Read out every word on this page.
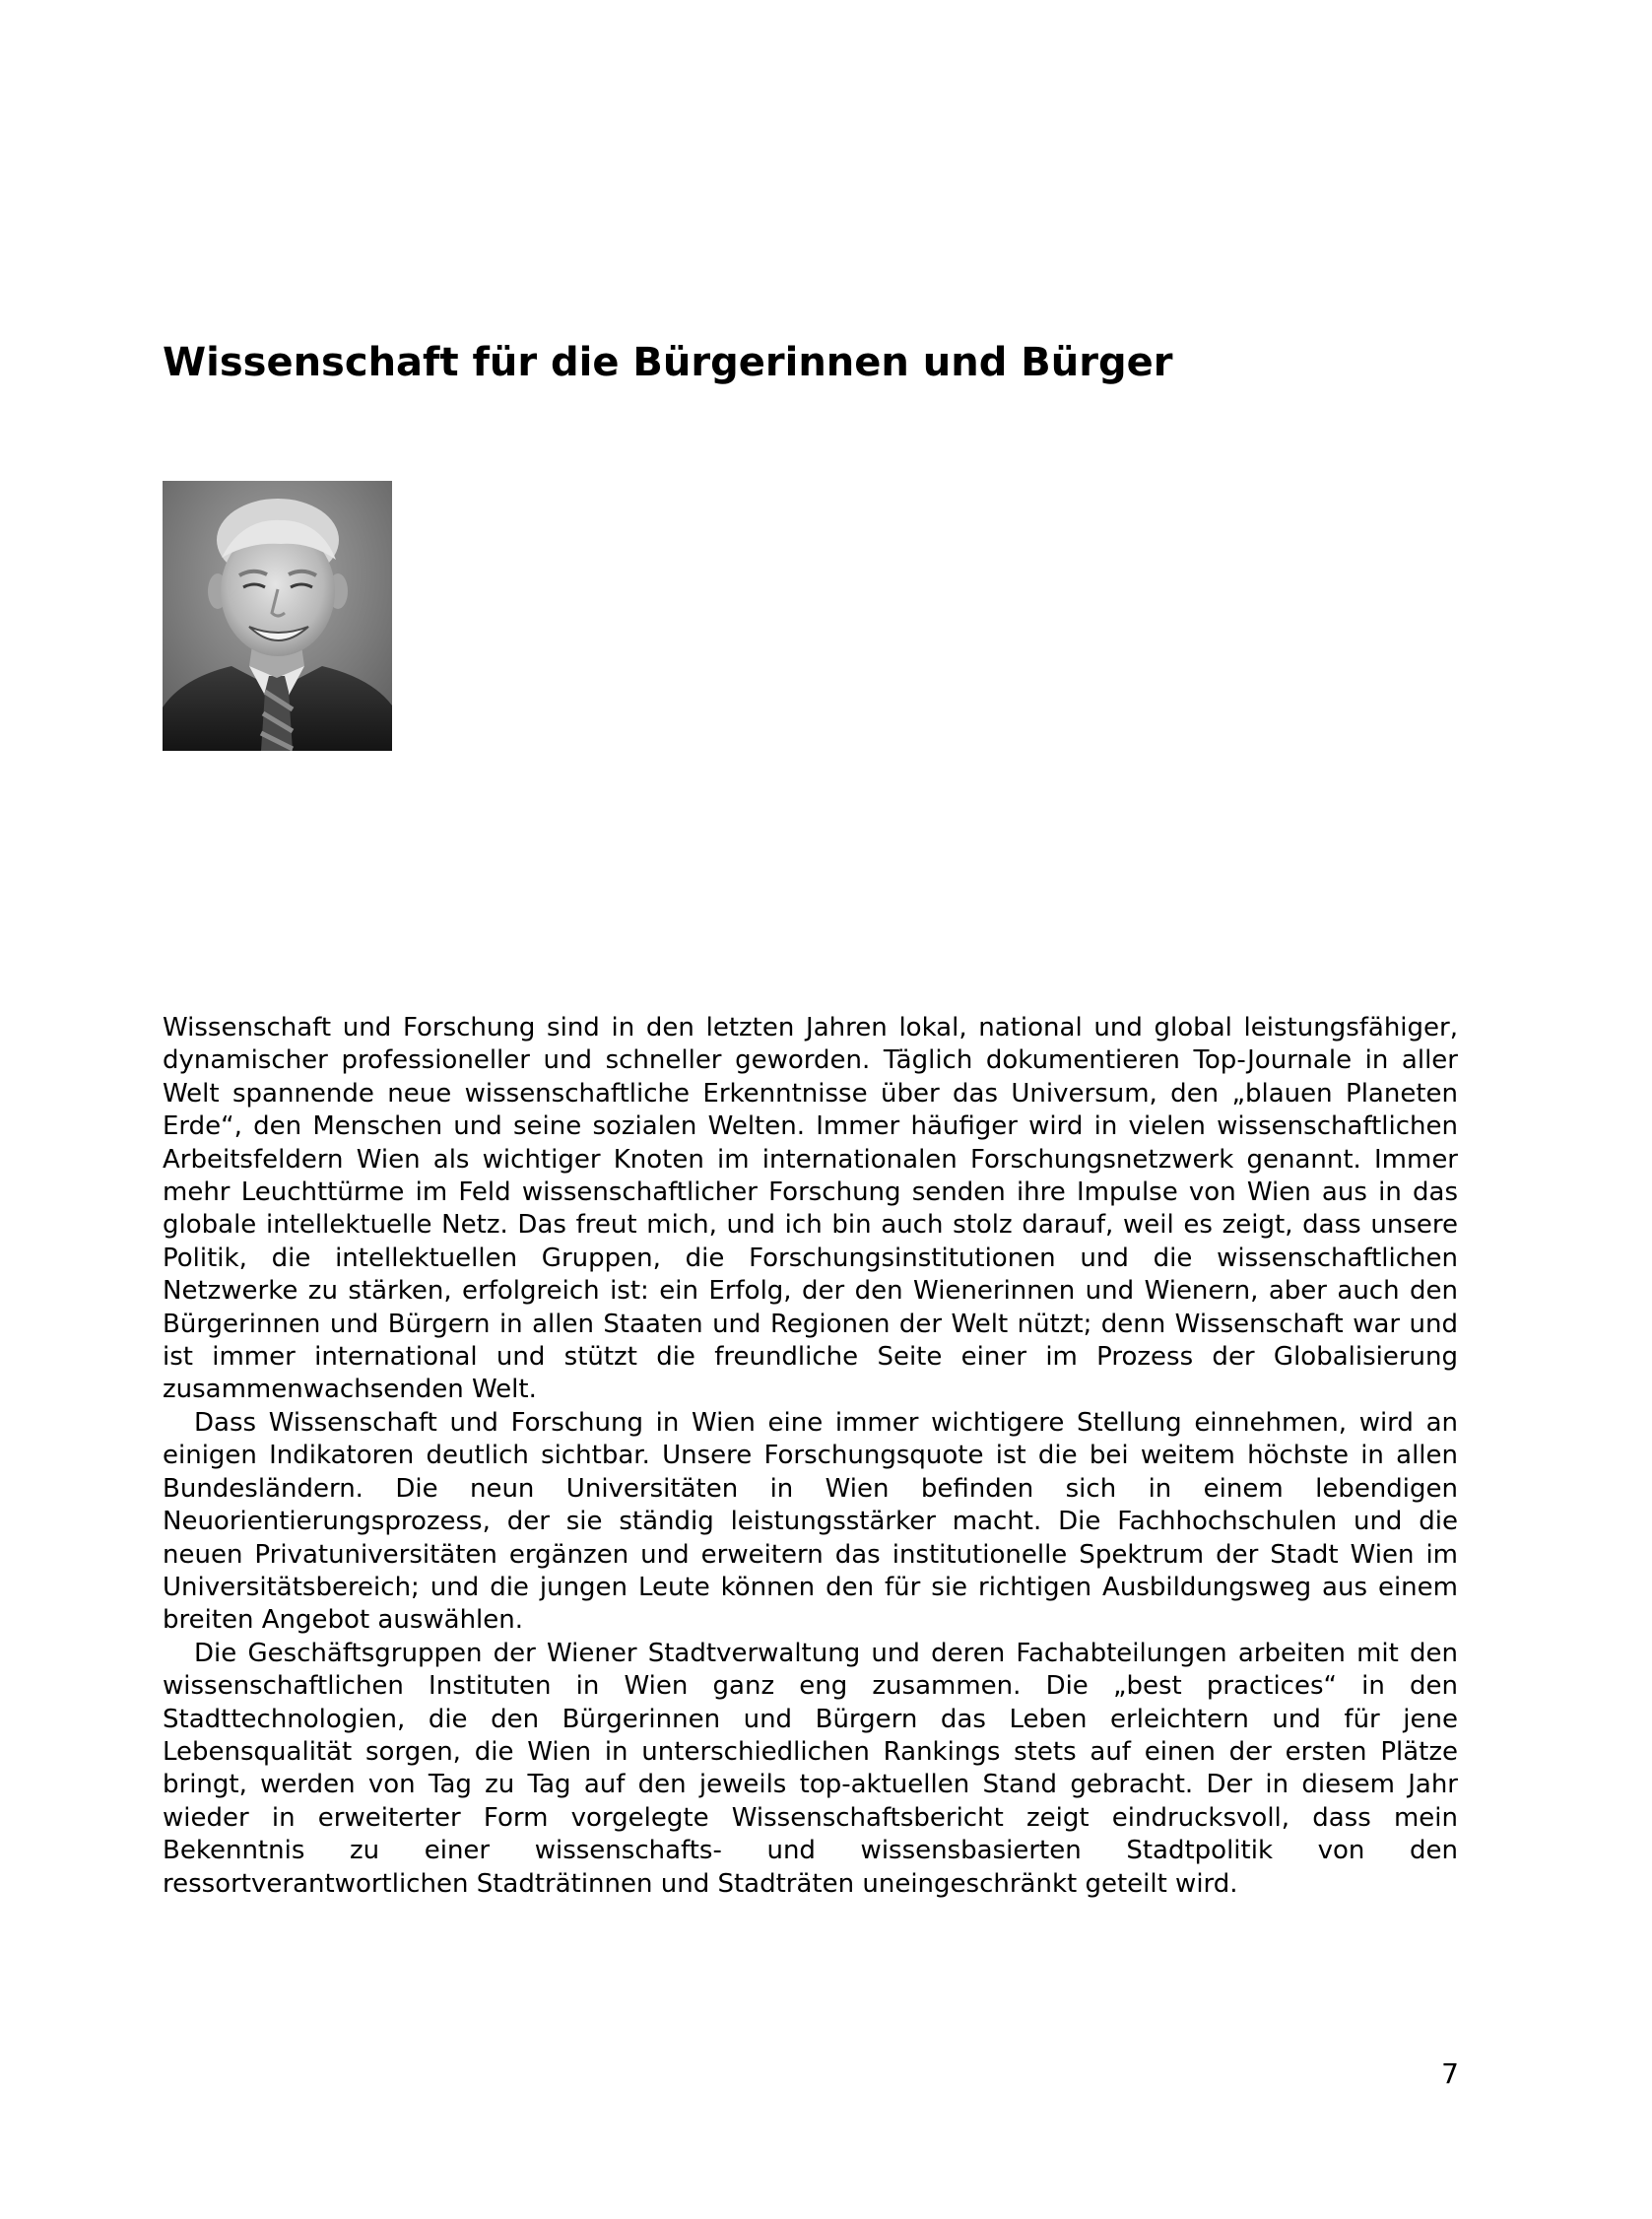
Wissenschaft für die Bürgerinnen und Bürger

Wissenschaft und Forschung sind in den letzten Jahren lokal, national und global leistungsfähiger, dynamischer professioneller und schneller geworden. Täglich dokumentieren Top-Journale in aller Welt spannende neue wissenschaftliche Erkenntnisse über das Universum, den „blauen Planeten Erde“, den Menschen und seine sozialen Welten. Immer häufiger wird in vielen wissenschaftlichen Arbeitsfeldern Wien als wichtiger Knoten im internationalen Forschungsnetzwerk genannt. Immer mehr Leuchttürme im Feld wissenschaftlicher Forschung senden ihre Impulse von Wien aus in das globale intellektuelle Netz. Das freut mich, und ich bin auch stolz darauf, weil es zeigt, dass unsere Politik, die intellektuellen Gruppen, die Forschungsinstitutionen und die wissenschaftlichen Netzwerke zu stärken, erfolgreich ist: ein Erfolg, der den Wienerinnen und Wienern, aber auch den Bürgerinnen und Bürgern in allen Staaten und Regionen der Welt nützt; denn Wissenschaft war und ist immer international und stützt die freundliche Seite einer im Prozess der Globalisierung zusammenwachsenden Welt.

Dass Wissenschaft und Forschung in Wien eine immer wichtigere Stellung einnehmen, wird an einigen Indikatoren deutlich sichtbar. Unsere Forschungsquote ist die bei weitem höchste in allen Bundesländern. Die neun Universitäten in Wien befinden sich in einem lebendigen Neuorientierungsprozess, der sie ständig leistungsstärker macht. Die Fachhochschulen und die neuen Privatuniversitäten ergänzen und erweitern das institutionelle Spektrum der Stadt Wien im Universitätsbereich; und die jungen Leute können den für sie richtigen Ausbildungsweg aus einem breiten Angebot auswählen.

Die Geschäftsgruppen der Wiener Stadtverwaltung und deren Fachabteilungen arbeiten mit den wissenschaftlichen Instituten in Wien ganz eng zusammen. Die „best practices“ in den Stadttechnologien, die den Bürgerinnen und Bürgern das Leben erleichtern und für jene Lebensqualität sorgen, die Wien in unterschiedlichen Rankings stets auf einen der ersten Plätze bringt, werden von Tag zu Tag auf den jeweils top-aktuellen Stand gebracht. Der in diesem Jahr wieder in erweiterter Form vorgelegte Wissenschaftsbericht zeigt eindrucksvoll, dass mein Bekenntnis zu einer wissenschafts- und wissensbasierten Stadtpolitik von den ressortverantwortlichen Stadträtinnen und Stadträten uneingeschränkt geteilt wird.

7
